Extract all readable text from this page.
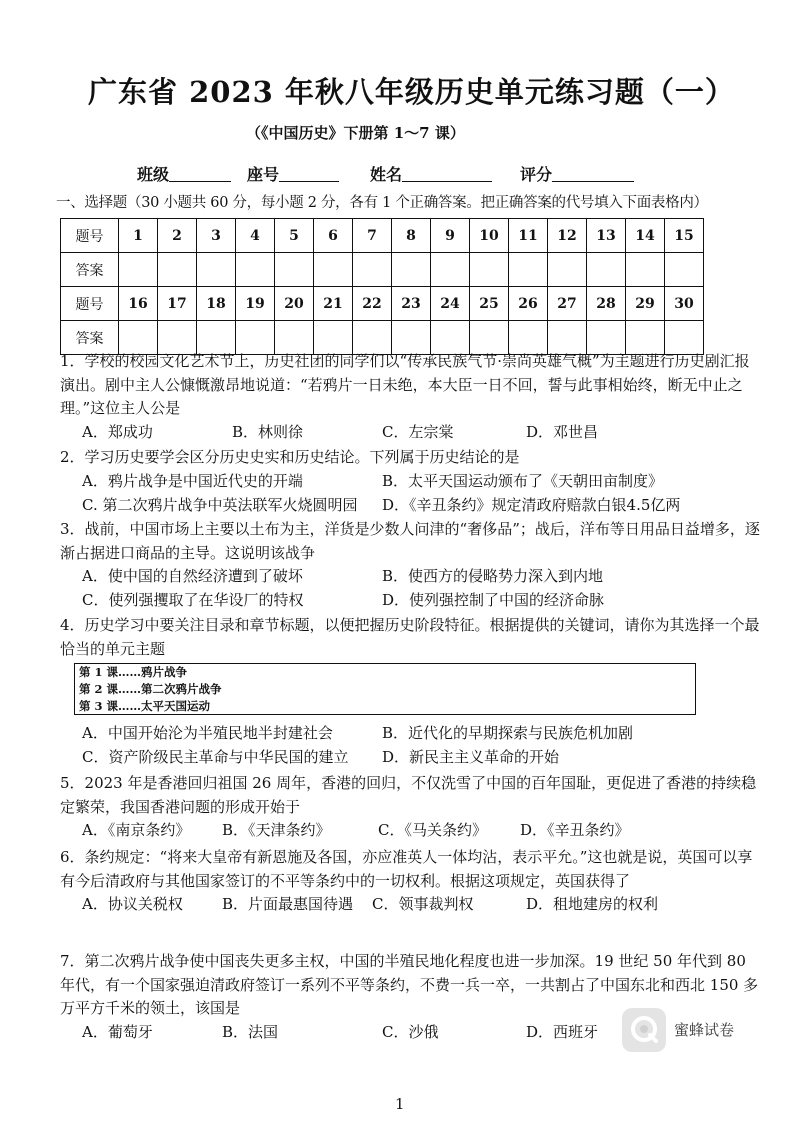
广东省 2023 年秋八年级历史单元练习题（一）
（《中国历史》下册第 1～7 课）
班级	座号	姓名	评分
一、选择题（30 小题共 60 分，每小题 2 分，各有 1 个正确答案。把正确答案的代号填入下面表格内）
题号	1	2	3	4	5	6	7	8	9	10	11	12	13	14	15
答案															
题号	16	17	18	19	20	21	22	23	24	25	26	27	28	29	30
答案															

1．学校的校园文化艺术节上，历史社团的同学们以“传承民族气节·崇尚英雄气概”为主题进行历史剧汇报演出。剧中主人公慷慨激昂地说道：“若鸦片一日未绝，本大臣一日不回，誓与此事相始终，断无中止之理。”这位主人公是

A．郑成功	B．林则徐	C．左宗棠	D．邓世昌

2．学习历史要学会区分历史史实和历史结论。下列属于历史结论的是

A．鸦片战争是中国近代史的开端	B．太平天国运动颁布了《天朝田亩制度》
C. 第二次鸦片战争中英法联军火烧圆明园 D．《辛丑条约》规定清政府赔款白银4.5亿两

3．战前，中国市场上主要以土布为主，洋货是少数人问津的“奢侈品”；战后，洋布等日用品日益增多，逐渐占据进口商品的主导。这说明该战争

A．使中国的自然经济遭到了破坏	B．使西方的侵略势力深入到内地
C．使列强攫取了在华设厂的特权	D．使列强控制了中国的经济命脉

4．历史学习中要关注目录和章节标题，以便把握历史阶段特征。根据提供的关键词，请你为其选择一个最恰当的单元主题

第 1 课……鸦片战争
第 2 课……第二次鸦片战争
第 3 课……太平天国运动
A．中国开始沦为半殖民地半封建社会	B．近代化的早期探索与民族危机加剧
C．资产阶级民主革命与中华民国的建立 D．新民主主义革命的开始

5．2023 年是香港回归祖国 26 周年，香港的回归，不仅洗雪了中国的百年国耻，更促进了香港的持续稳定繁荣，我国香港问题的形成开始于

A．《南京条约》 B．《天津条约》	C．《马关条约》 D．《辛丑条约》

6．条约规定：“将来大皇帝有新恩施及各国，亦应准英人一体均沾，表示平允。”这也就是说，英国可以享有今后清政府与其他国家签订的不平等条约中的一切权利。根据这项规定，英国获得了

A．协议关税权	B．片面最惠国待遇 C．领事裁判权	D．租地建房的权利

7．第二次鸦片战争使中国丧失更多主权，中国的半殖民地化程度也进一步加深。19 世纪 50 年代到 80 年代，有一个国家强迫清政府签订一系列不平等条约，不费一兵一卒，一共割占了中国东北和西北 150 多万平方千米的领土，该国是

A．葡萄牙	B．法国	C．沙俄	D．西班牙	蜜蜂试卷
1
